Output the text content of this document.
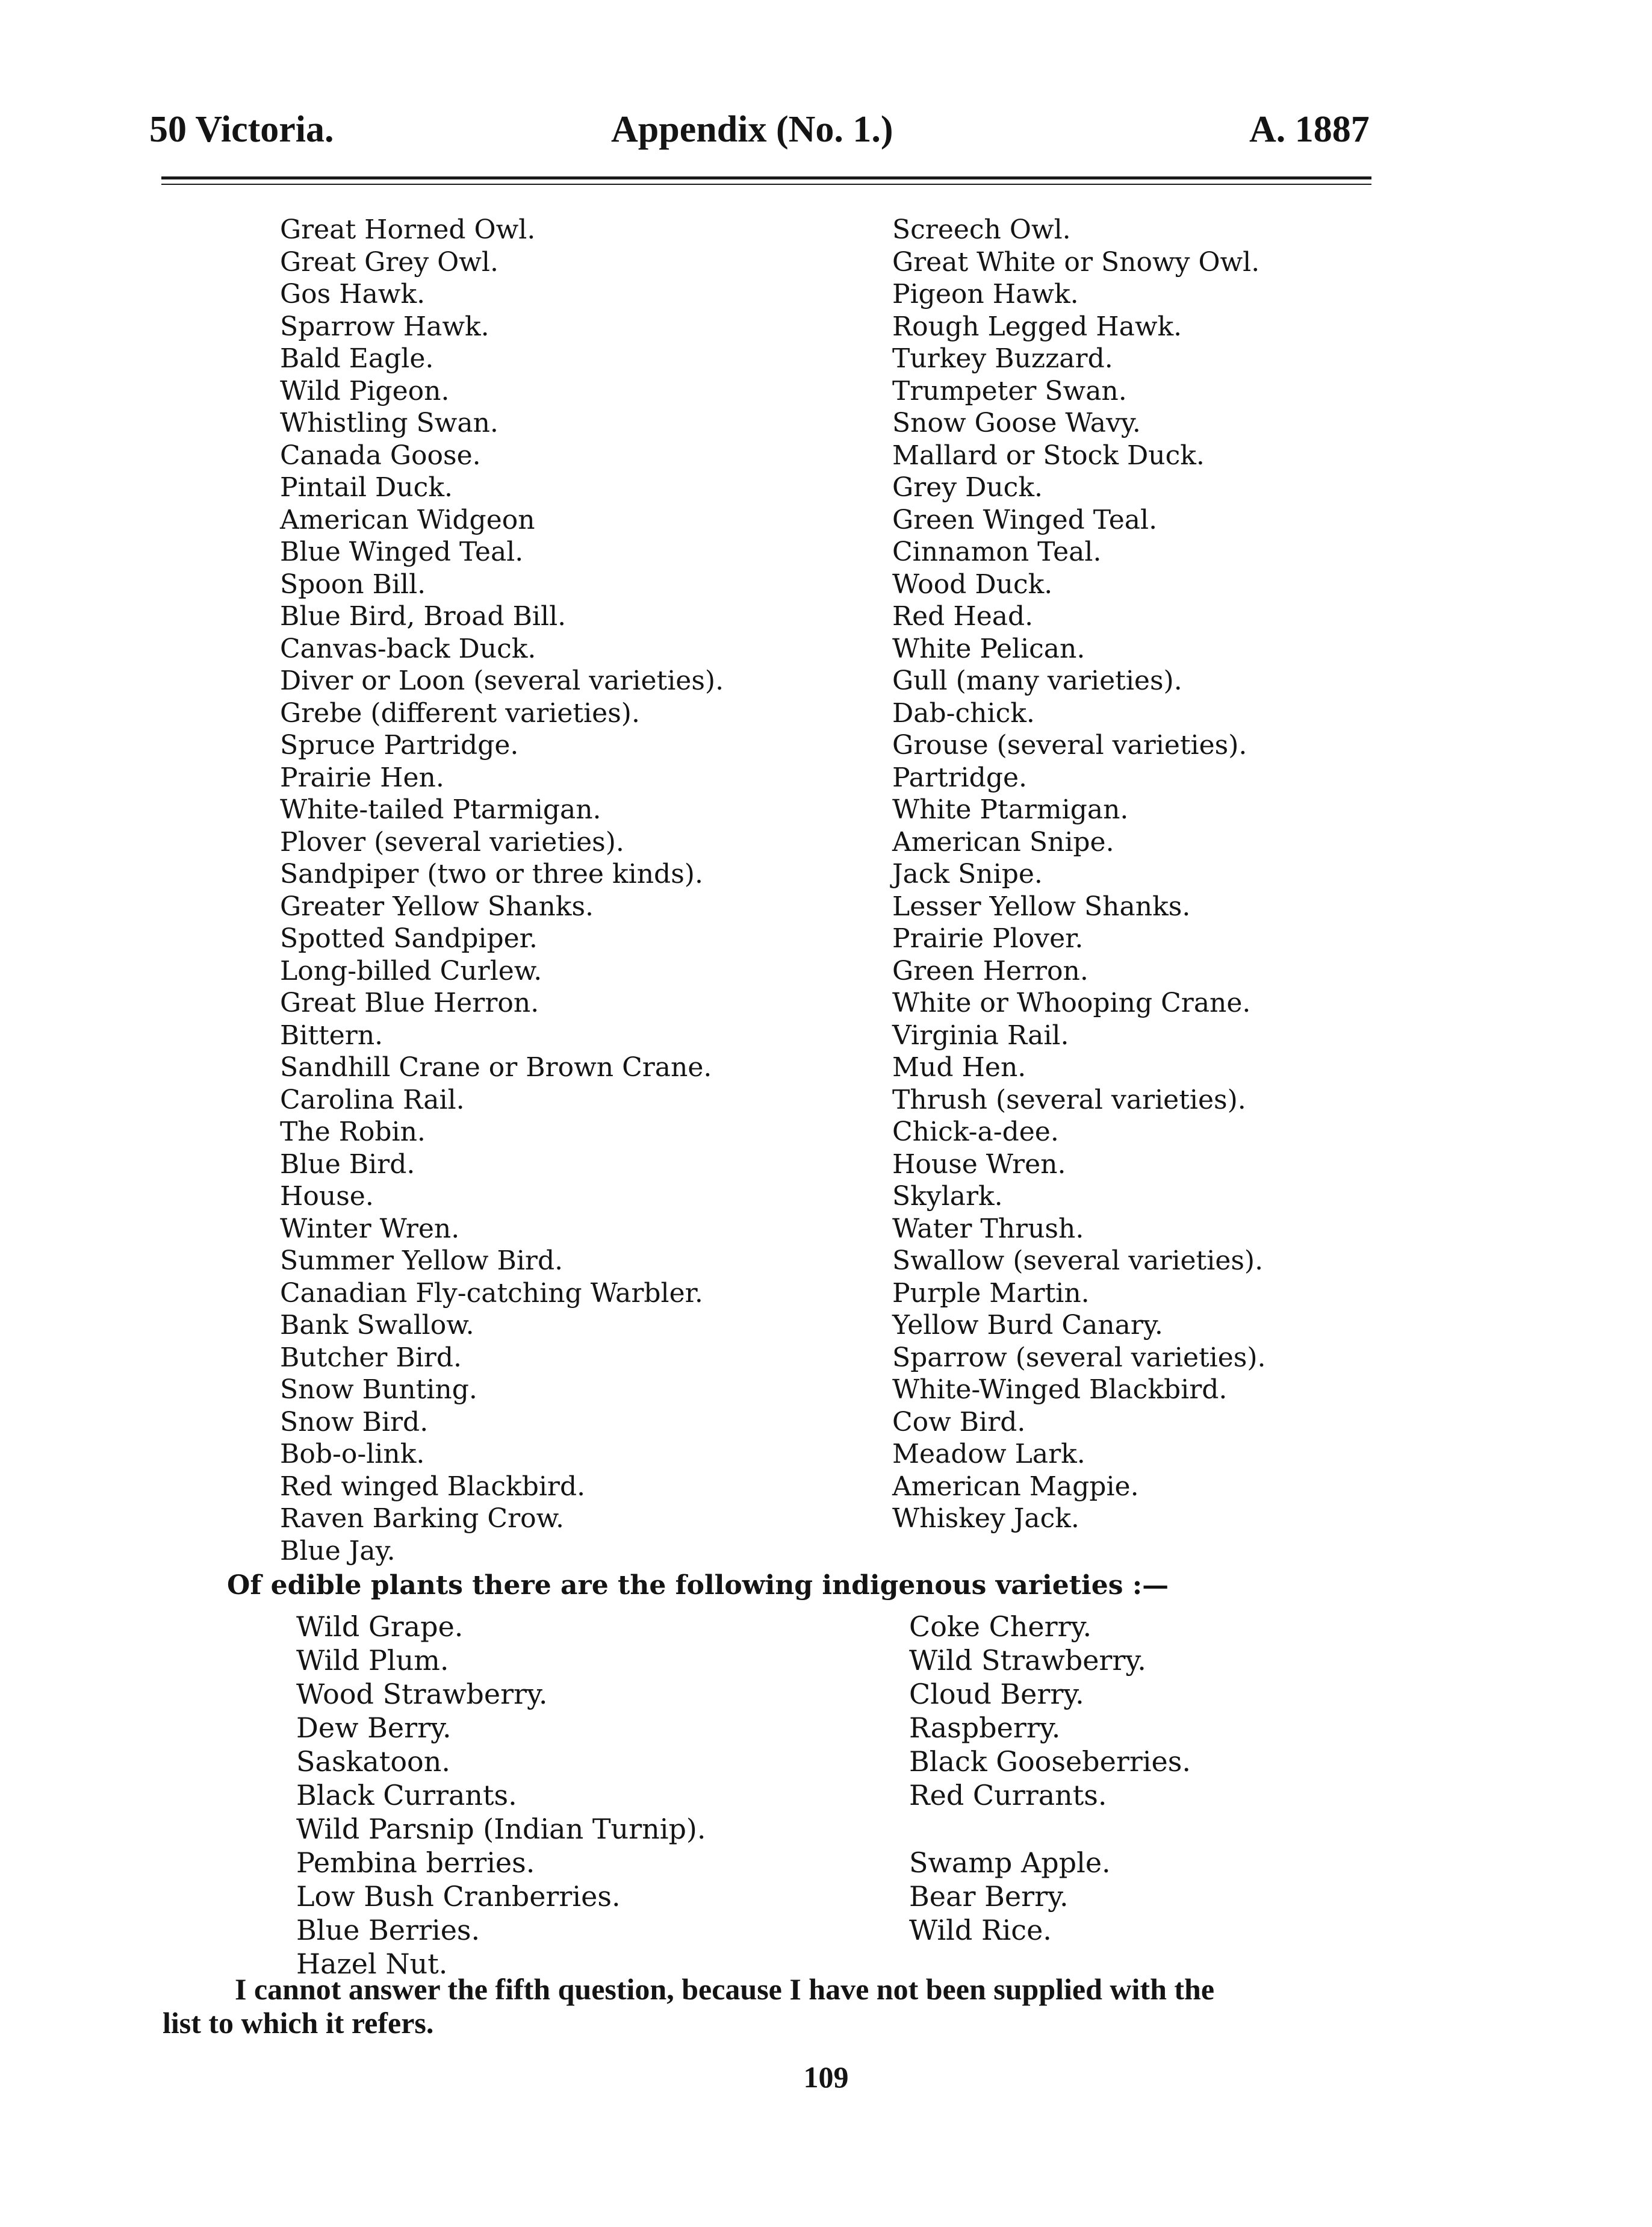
50 Victoria.	Appendix (No. 1.)	A. 1887
Great Horned Owl.
Great Grey Owl.
Gos Hawk.
Sparrow Hawk.
Bald Eagle.
Wild Pigeon.
Whistling Swan.
Canada Goose.
Pintail Duck.
American Widgeon
Blue Winged Teal.
Spoon Bill.
Blue Bird, Broad Bill.
Canvas-back Duck.
Diver or Loon (several varieties).
Grebe (different varieties).
Spruce Partridge.
Prairie Hen.
White-tailed Ptarmigan.
Plover (several varieties).
Sandpiper (two or three kinds).
Greater Yellow Shanks.
Spotted Sandpiper.
Long-billed Curlew.
Great Blue Herron.
Bittern.
Sandhill Crane or Brown Crane.
Carolina Rail.
The Robin.
Blue Bird.
House.
Winter Wren.
Summer Yellow Bird.
Canadian Fly-catching Warbler.
Bank Swallow.
Butcher Bird.
Snow Bunting.
Snow Bird.
Bob-o-link.
Red winged Blackbird.
Raven Barking Crow.
Blue Jay.
Screech Owl.
Great White or Snowy Owl.
Pigeon Hawk.
Rough Legged Hawk.
Turkey Buzzard.
Trumpeter Swan.
Snow Goose Wavy.
Mallard or Stock Duck.
Grey Duck.
Green Winged Teal.
Cinnamon Teal.
Wood Duck.
Red Head.
White Pelican.
Gull (many varieties).
Dab-chick.
Grouse (several varieties).
Partridge.
White Ptarmigan.
American Snipe.
Jack Snipe.
Lesser Yellow Shanks.
Prairie Plover.
Green Herron.
White or Whooping Crane.
Virginia Rail.
Mud Hen.
Thrush (several varieties).
Chick-a-dee.
House Wren.
Skylark.
Water Thrush.
Swallow (several varieties).
Purple Martin.
Yellow Burd Canary.
Sparrow (several varieties).
White-Winged Blackbird.
Cow Bird.
Meadow Lark.
American Magpie.
Whiskey Jack.
Of edible plants there are the following indigenous varieties :—
Wild Grape.
Wild Plum.
Wood Strawberry.
Dew Berry.
Saskatoon.
Black Currants.
Wild Parsnip (Indian Turnip).
Pembina berries.
Low Bush Cranberries.
Blue Berries.
Hazel Nut.
Coke Cherry.
Wild Strawberry.
Cloud Berry.
Raspberry.
Black Gooseberries.
Red Currants.
Swamp Apple.
Bear Berry.
Wild Rice.

I cannot answer the fifth question, because I have not been supplied with the

list to which it refers.

109
